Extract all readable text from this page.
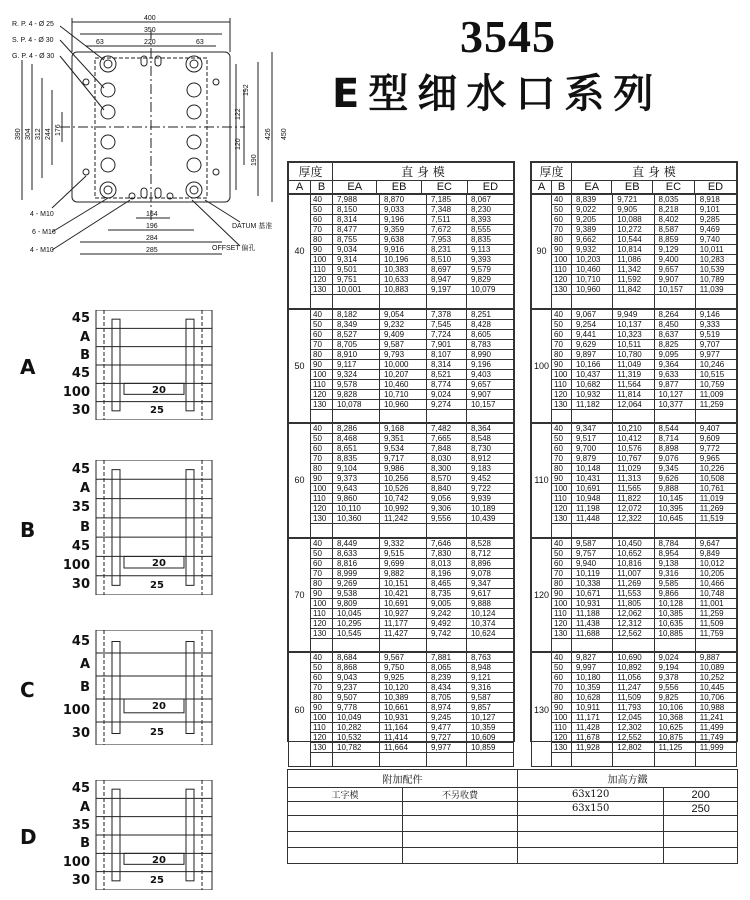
3545
E型细水口系列
R. P. 4 - Ø 25
S. P. 4 - Ø 30
G. P. 4 - Ø 30
400
350
220
63	63
390 304 312 244 176
122
192
120
190
426 450
4 - M10
6 - M16
4 - M10
164
196
284
285
DATUM 基准
OFFSET 偏孔
A
45
A
B
45
100
30
20
25
B
45
A
35
B
45
100
30
20
25
C
45
A
B
100
30
20
25
D
45
A
35
B
100
30
20
25
厚度		直 身 模			
A	B	EA	EB	EC	ED
40	40	7,988	8,870	7,185	8,067
	50	8,150	9,033	7,348	8,230
	60	8,314	9,196	7,511	8,393
	70	8,477	9,359	7,672	8,555
	80	8,755	9,638	7,953	8,835
	90	9,034	9,916	8,231	9,113
	100	9,314	10,196	8,510	9,393
	110	9,501	10,383	8,697	9,579
	120	9,751	10,633	8,947	9,829
	130	10,001	10,883	9,197	10,079

50	40	8,182	9,054	7,378	8,251
	50	8,349	9,232	7,545	8,428
	60	8,527	9,409	7,724	8,605
	70	8,705	9,587	7,901	8,783
	80	8,910	9,793	8,107	8,990
	90	9,117	10,000	8,314	9,196
	100	9,324	10,207	8,521	9,403
	110	9,578	10,460	8,774	9,657
	120	9,828	10,710	9,024	9,907
	130	10,078	10,960	9,274	10,157

60	40	8,286	9,168	7,482	8,364
	50	8,468	9,351	7,665	8,548
	60	8,651	9,534	7,848	8,730
	70	8,835	9,717	8,030	8,912
	80	9,104	9,986	8,300	9,183
	90	9,373	10,256	8,570	9,452
	100	9,643	10,526	8,840	9,722
	110	9,860	10,742	9,056	9,939
	120	10,110	10,992	9,306	10,189
	130	10,360	11,242	9,556	10,439

70	40	8,449	9,332	7,646	8,528
	50	8,633	9,515	7,830	8,712
	60	8,816	9,699	8,013	8,896
	70	8,999	9,882	8,196	9,078
	80	9,269	10,151	8,465	9,347
	90	9,538	10,421	8,735	9,617
	100	9,809	10,691	9,005	9,888
	110	10,045	10,927	9,242	10,124
	120	10,295	11,177	9,492	10,374
	130	10,545	11,427	9,742	10,624

60	40	8,684	9,567	7,881	8,763
	50	8,868	9,750	8,065	8,948
	60	9,043	9,925	8,239	9,121
	70	9,237	10,120	8,434	9,316
	80	9,507	10,389	8,705	9,587
	90	9,778	10,661	8,974	9,857
	100	10,049	10,931	9,245	10,127
	110	10,282	11,164	9,477	10,359
	120	10,532	11,414	9,727	10,609
	130	10,782	11,664	9,977	10,859

厚度		直 身 模			
A	B	EA	EB	EC	ED
90	40	8,839	9,721	8,035	8,918
	50	9,022	9,905	8,218	9,101
	60	9,205	10,088	8,402	9,285
	70	9,389	10,272	8,587	9,469
	80	9,662	10,544	8,859	9,740
	90	9,932	10,814	9,129	10,011
	100	10,203	11,086	9,400	10,283
	110	10,460	11,342	9,657	10,539
	120	10,710	11,592	9,907	10,789
	130	10,960	11,842	10,157	11,039

100	40	9,067	9,949	8,264	9,146
	50	9,254	10,137	8,450	9,333
	60	9,441	10,323	8,637	9,519
	70	9,629	10,511	8,825	9,707
	80	9,897	10,780	9,095	9,977
	90	10,166	11,049	9,364	10,246
	100	10,437	11,319	9,633	10,515
	110	10,682	11,564	9,877	10,759
	120	10,932	11,814	10,127	11,009
	130	11,182	12,064	10,377	11,259

110	40	9,347	10,210	8,544	9,407
	50	9,517	10,412	8,714	9,609
	60	9,700	10,576	8,898	9,772
	70	9,879	10,767	9,076	9,965
	80	10,148	11,029	9,345	10,226
	90	10,431	11,313	9,626	10,508
	100	10,691	11,565	9,888	10,761
	110	10,948	11,822	10,145	11,019
	120	11,198	12,072	10,395	11,269
	130	11,448	12,322	10,645	11,519

120	40	9,587	10,450	8,784	9,647
	50	9,757	10,652	8,954	9,849
	60	9,940	10,816	9,138	10,012
	70	10,119	11,007	9,316	10,205
	80	10,338	11,269	9,585	10,466
	90	10,671	11,553	9,866	10,748
	100	10,931	11,805	10,128	11,001
	110	11,188	12,062	10,385	11,259
	120	11,438	12,312	10,635	11,509
	130	11,688	12,562	10,885	11,759

130	40	9,827	10,690	9,024	9,887
	50	9,997	10,892	9,194	10,089
	60	10,180	11,056	9,378	10,252
	70	10,359	11,247	9,556	10,445
	80	10,628	11,509	9,825	10,706
	90	10,911	11,793	10,106	10,988
	100	11,171	12,045	10,368	11,241
	110	11,428	12,302	10,625	11,499
	120	11,678	12,552	10,875	11,749
	130	11,928	12,802	11,125	11,999

附加配件		加高方鐵	
工字模	不另收費	63x120	200
		63x150	250
